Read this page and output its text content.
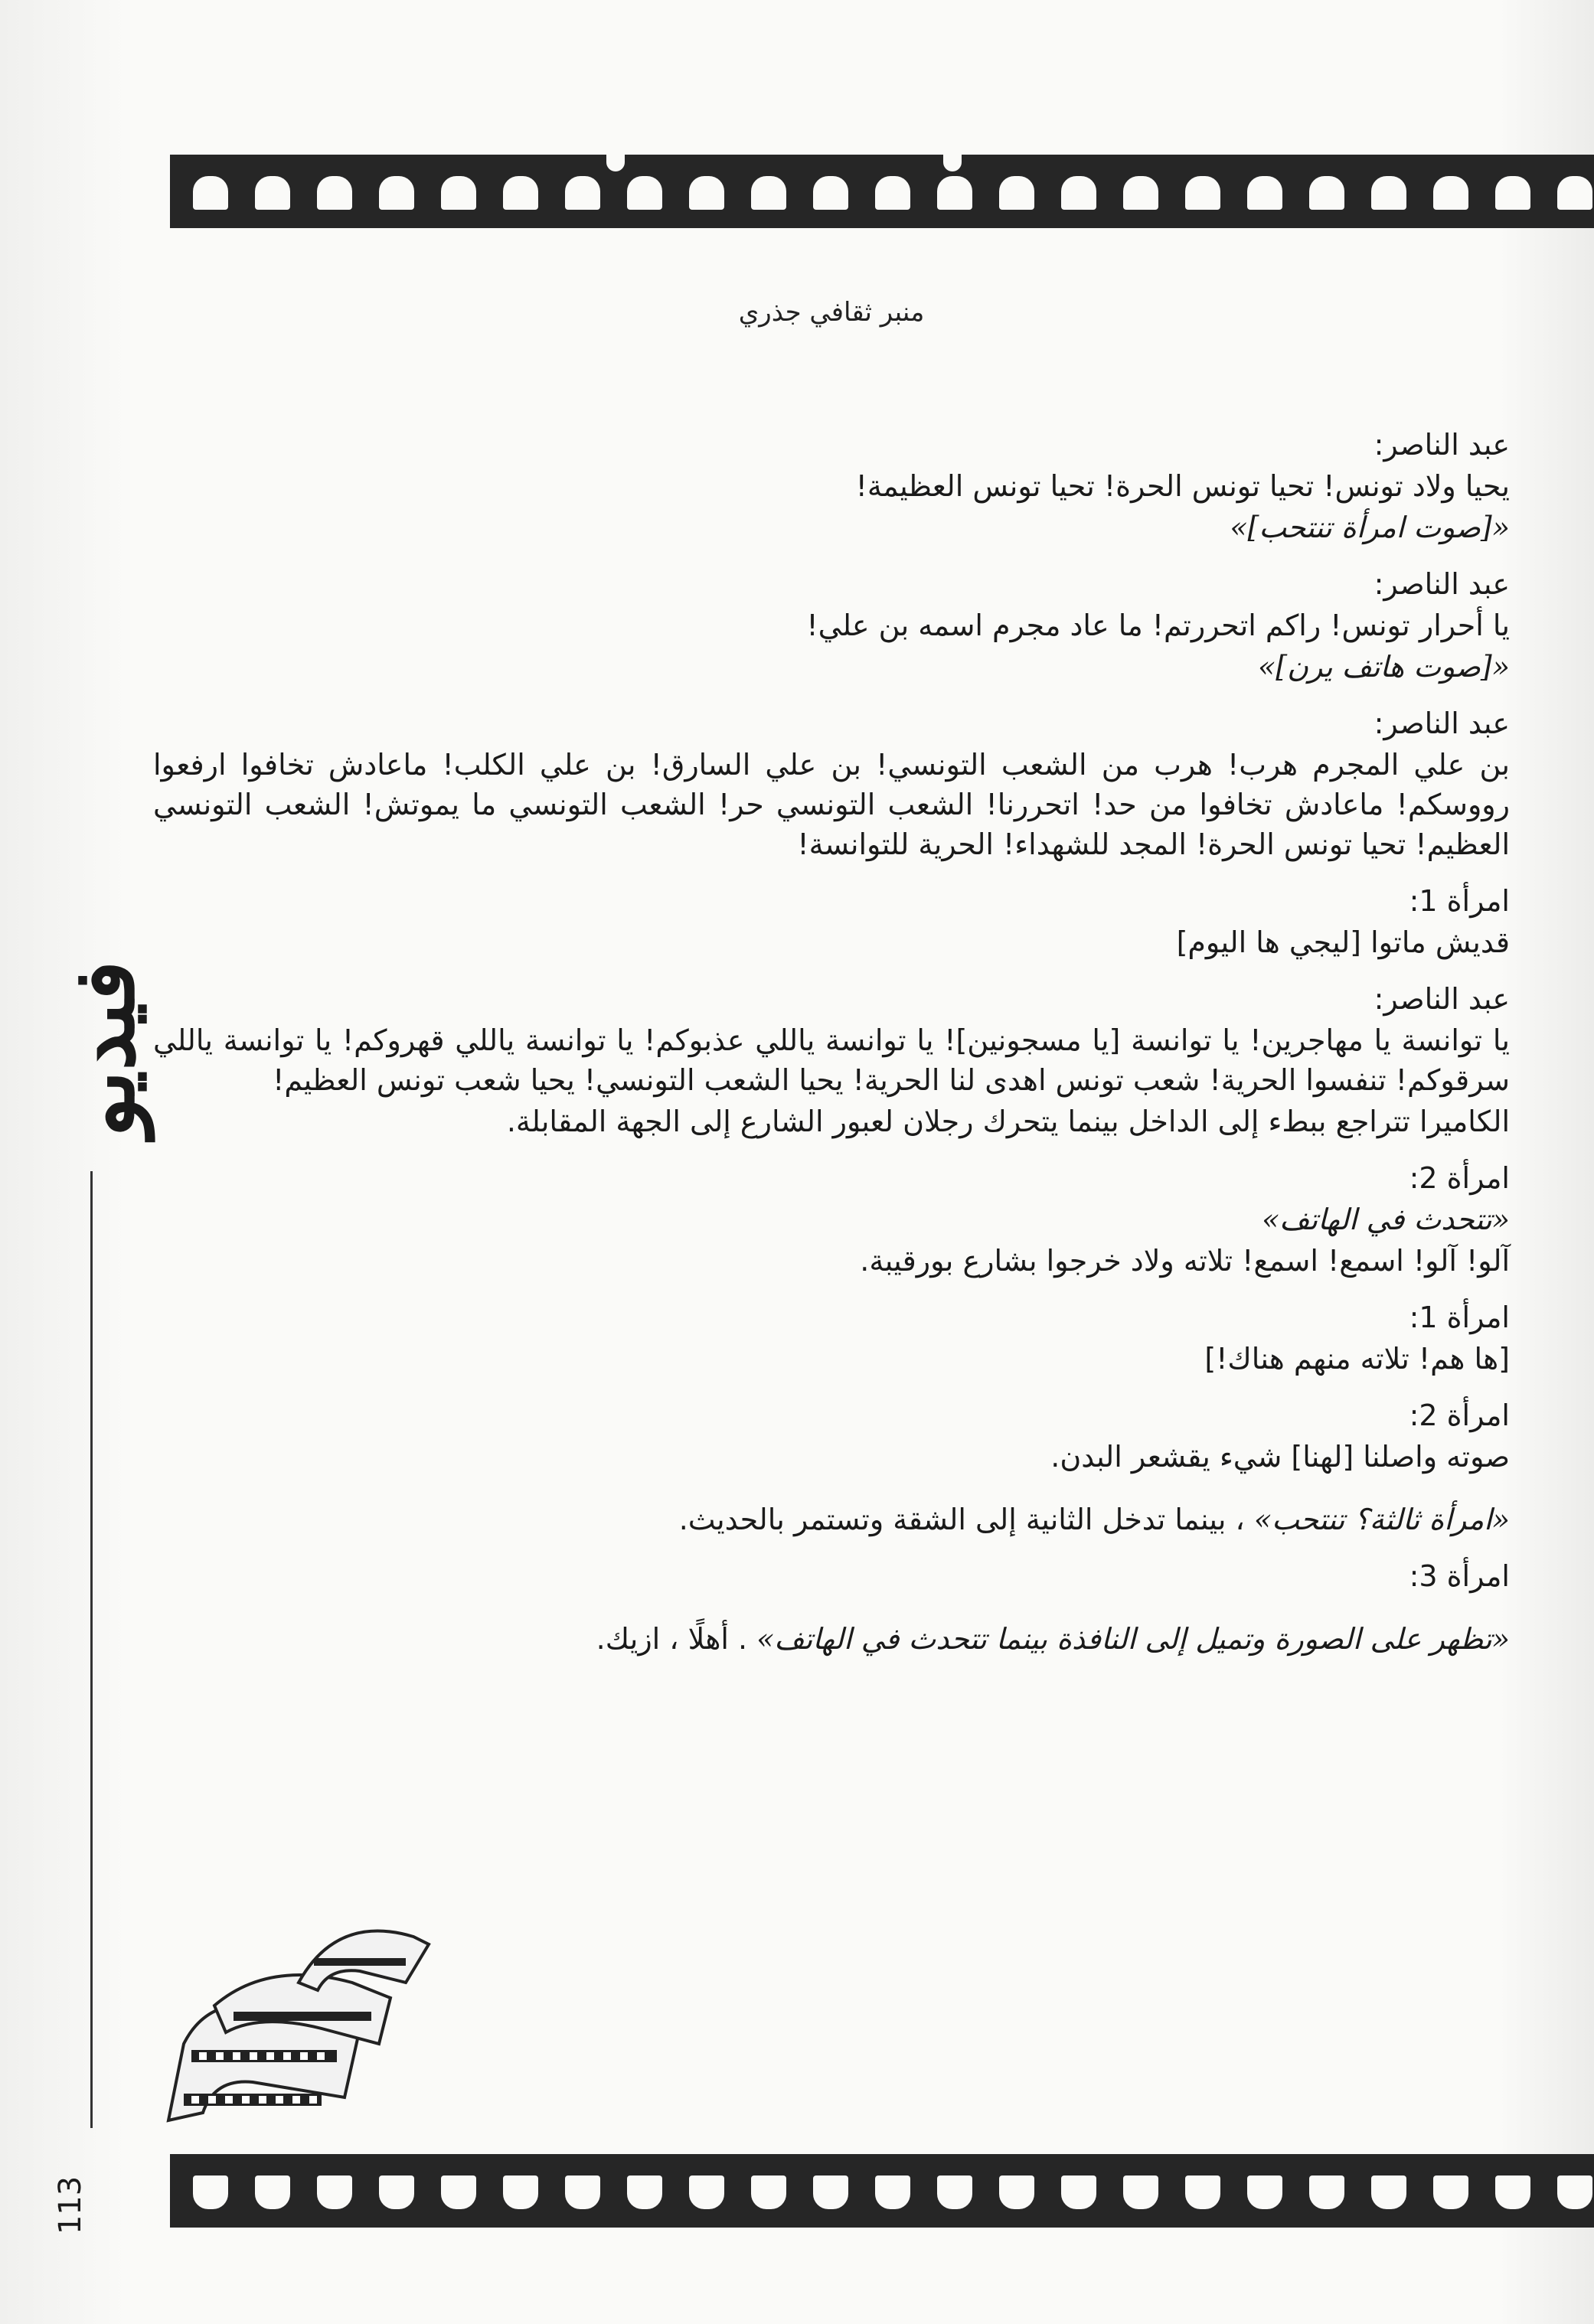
منبر ثقافي جذري
فيديو
عبد الناصر:
يحيا ولاد تونس! تحيا تونس الحرة! تحيا تونس العظيمة!
«[صوت امرأة تنتحب]»
عبد الناصر:
يا أحرار تونس! راكم اتحررتم! ما عاد مجرم اسمه بن علي!
«[صوت هاتف يرن]»
عبد الناصر:
بن علي المجرم هرب! هرب من الشعب التونسي! بن علي السارق! بن علي الكلب! ماعادش تخافوا ارفعوا رووسكم! ماعادش تخافوا من حد! اتحررنا! الشعب التونسي حر! الشعب التونسي ما يموتش! الشعب التونسي العظيم! تحيا تونس الحرة! المجد للشهداء! الحرية للتوانسة!
امرأة 1:
قديش ماتوا [ليجي ها اليوم]
عبد الناصر:
يا توانسة يا مهاجرين! يا توانسة [يا مسجونين]! يا توانسة ياللي عذبوكم! يا توانسة ياللي قهروكم! يا توانسة ياللي سرقوكم! تنفسوا الحرية! شعب تونس اهدى لنا الحرية! يحيا الشعب التونسي! يحيا شعب تونس العظيم!
الكاميرا تتراجع ببطء إلى الداخل بينما يتحرك رجلان لعبور الشارع إلى الجهة المقابلة.
امرأة 2:
«تتحدث في الهاتف»
آلو! آلو! اسمع! اسمع! تلاته ولاد خرجوا بشارع بورقيبة.
امرأة 1:
[ها هم! تلاته منهم هناك!]
امرأة 2:
صوته واصلنا [لهنا] شيء يقشعر البدن.
«امرأة ثالثة؟ تنتحب» ، بينما تدخل الثانية إلى الشقة وتستمر بالحديث.
امرأة 3:
«تظهر على الصورة وتميل إلى النافذة بينما تتحدث في الهاتف» . أهلًا ، ازيك.
113
